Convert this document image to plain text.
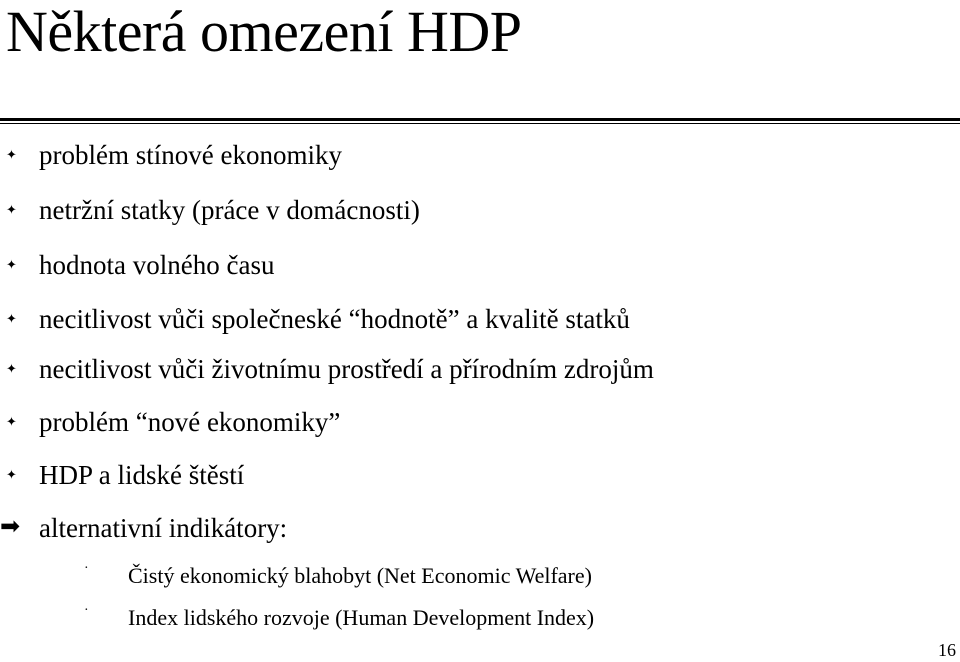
Některá omezení HDP
✦ problém stínové ekonomiky
✦ netržní statky (práce v domácnosti)
✦ hodnota volného času
✦ necitlivost vůči společneské “hodnotě” a kvalitě statků
✦ necitlivost vůči životnímu prostředí a přírodním zdrojům
✦ problém “nové ekonomiky”
✦ HDP a lidské štěstí
➡ alternativní indikátory:
· Čistý ekonomický blahobyt (Net Economic Welfare)
· Index lidského rozvoje (Human Development Index)
16
